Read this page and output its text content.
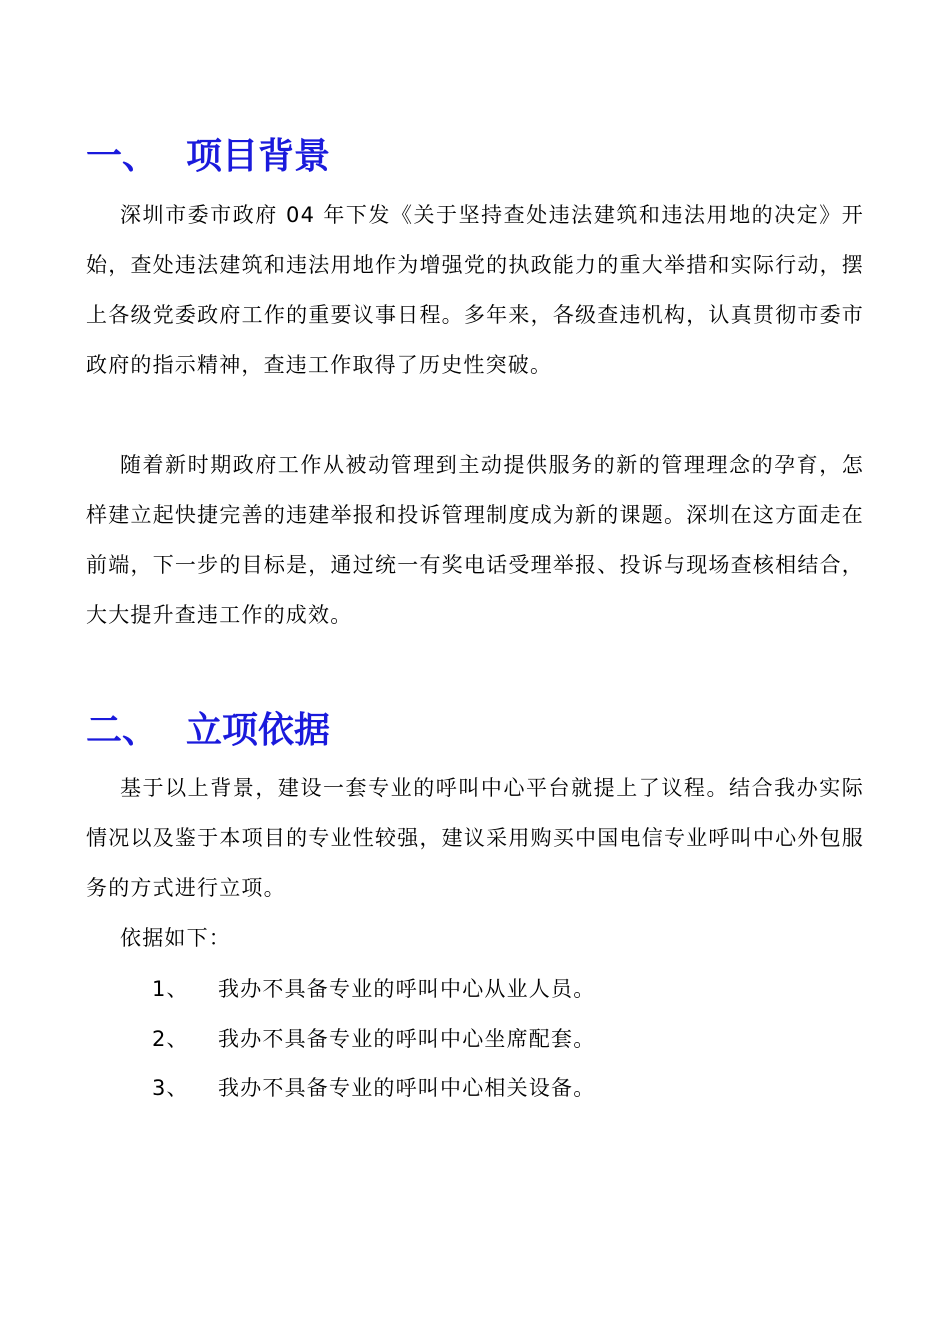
一、 项目背景

深圳市委市政府 04 年下发《关于坚持查处违法建筑和违法用地的决定》开始，查处违法建筑和违法用地作为增强党的执政能力的重大举措和实际行动，摆上各级党委政府工作的重要议事日程。多年来，各级查违机构，认真贯彻市委市政府的指示精神，查违工作取得了历史性突破。

随着新时期政府工作从被动管理到主动提供服务的新的管理理念的孕育，怎样建立起快捷完善的违建举报和投诉管理制度成为新的课题。深圳在这方面走在前端，下一步的目标是，通过统一有奖电话受理举报、投诉与现场查核相结合，大大提升查违工作的成效。

二、 立项依据

基于以上背景，建设一套专业的呼叫中心平台就提上了议程。结合我办实际情况以及鉴于本项目的专业性较强，建议采用购买中国电信专业呼叫中心外包服务的方式进行立项。

依据如下：
1、	我办不具备专业的呼叫中心从业人员。
2、	我办不具备专业的呼叫中心坐席配套。
3、	我办不具备专业的呼叫中心相关设备。
